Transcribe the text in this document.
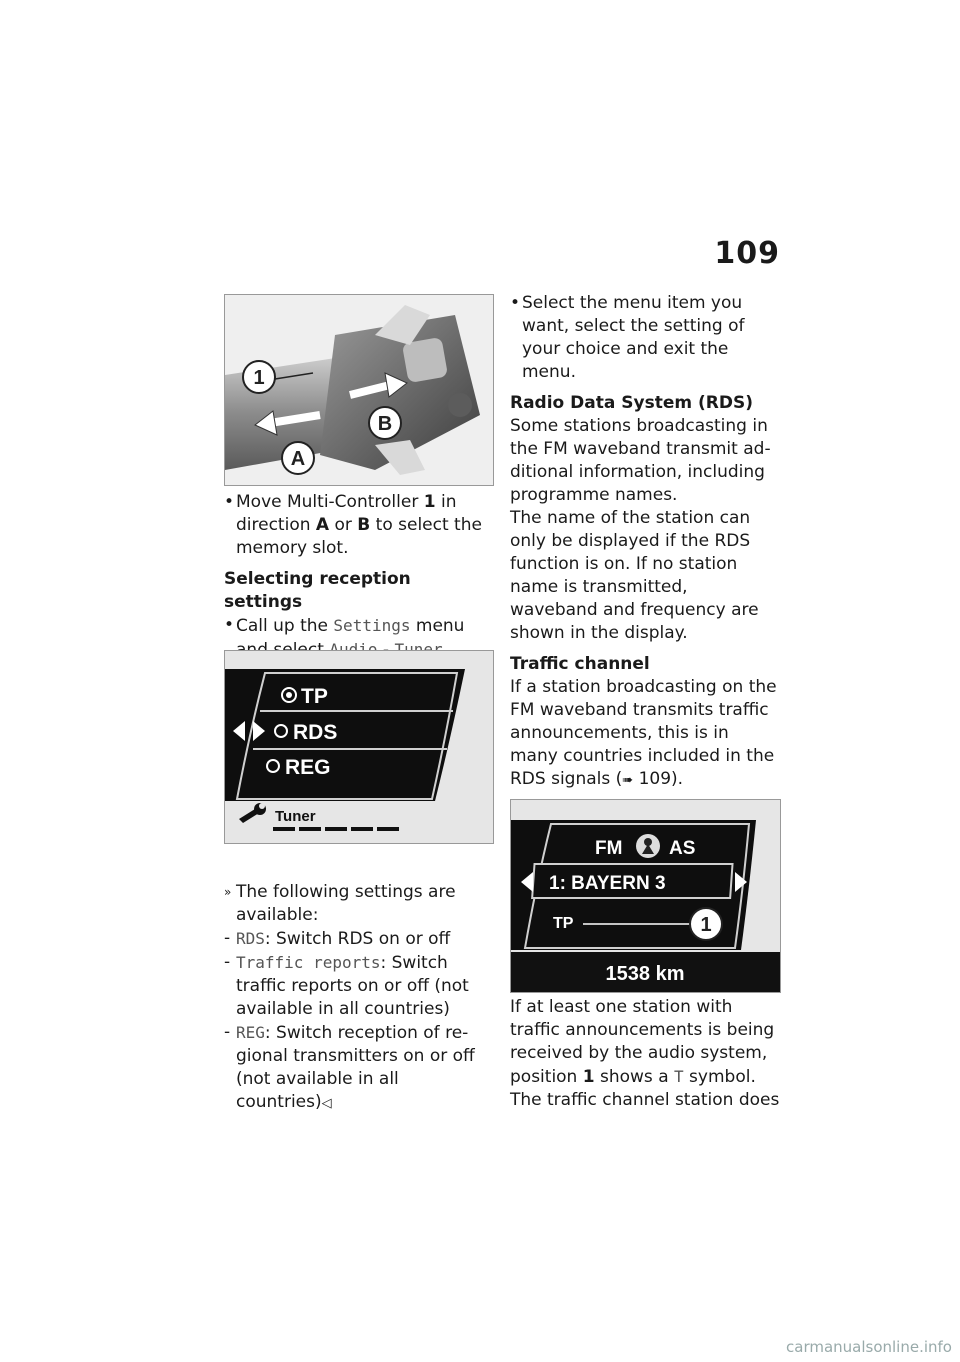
109
1
A
B

• Move Multi-Controller 1 in direction A or B to select the memory slot.

Selecting reception settings

• Call up the Settings menu

TP
RDS
REG
Tuner

» The following settings are available:

- RDS: Switch RDS on or off

- Traffic reports: Switch traffic reports on or off (not available in all countries)

- REG: Switch reception of regional transmitters on or off (not available in all countries)◁

• Select the menu item you want, select the setting of your choice and exit the menu.

Radio Data System (RDS)

Some stations broadcasting in the FM waveband transmit additional information, including programme names.

The name of the station can only be displayed if the RDS function is on. If no station name is transmitted, waveband and frequency are shown in the display.

Traffic channel

If a station broadcasting on the FM waveband transmits traffic announcements, this is in many countries included in the RDS signals (➠ 109).

FM AS
1: BAYERN 3
TP	1
1538 km

If at least one station with traffic announcements is being received by the audio system, position 1 shows a T symbol.

The traffic channel station does

carmanualsonline.info
